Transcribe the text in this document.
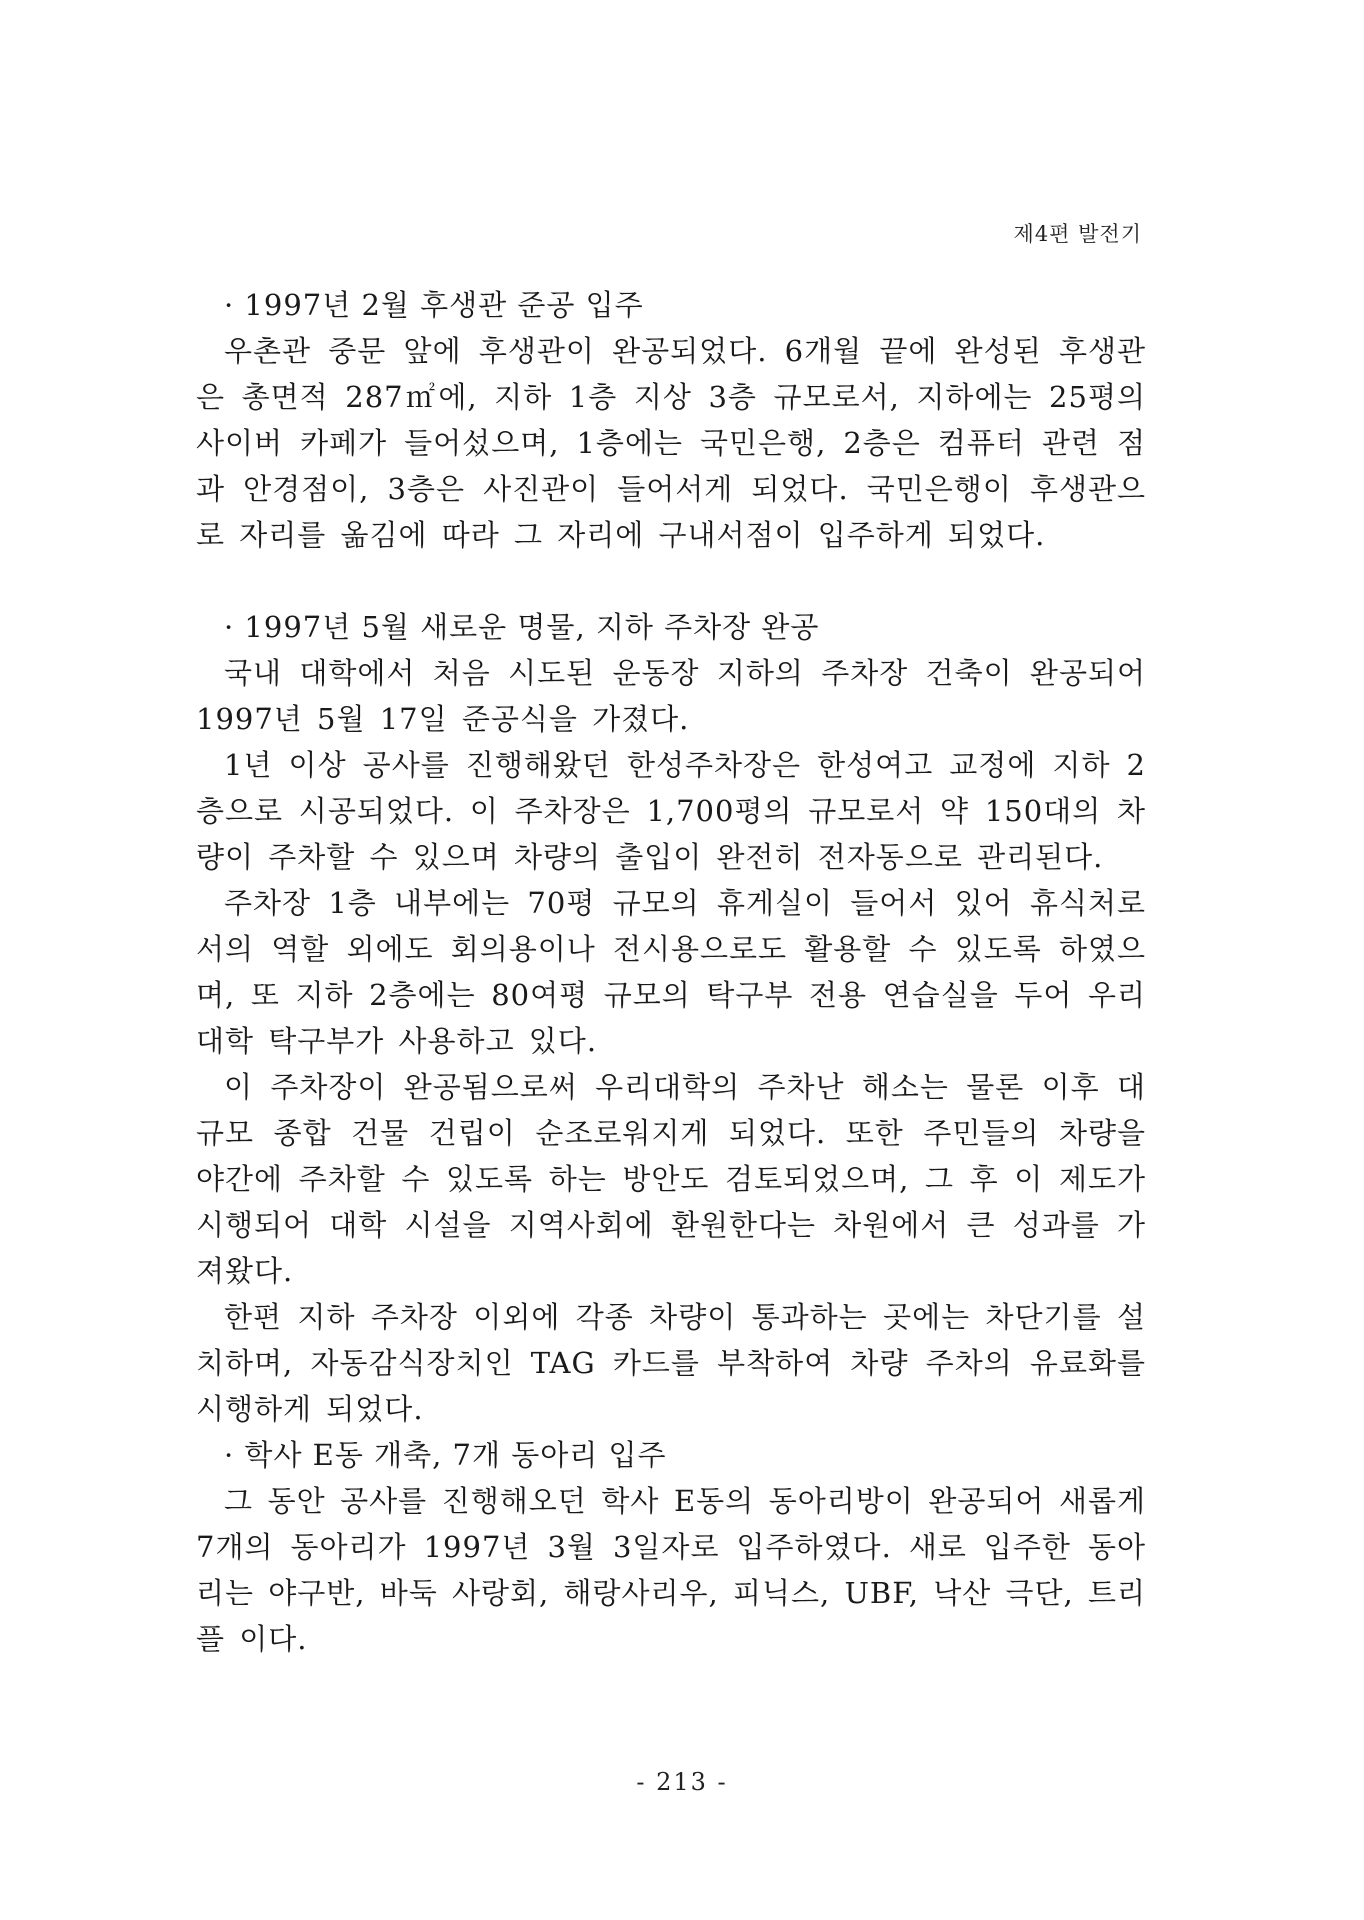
제4편 발전기

· 1997년 2월 후생관 준공 입주

우촌관 중문 앞에 후생관이 완공되었다. 6개월 끝에 완성된 후생관은 총면적 287㎡에, 지하 1층 지상 3층 규모로서, 지하에는 25평의 사이버 카페가 들어섰으며, 1층에는 국민은행, 2층은 컴퓨터 관련 점과 안경점이, 3층은 사진관이 들어서게 되었다. 국민은행이 후생관으로 자리를 옮김에 따라 그 자리에 구내서점이 입주하게 되었다.

· 1997년 5월 새로운 명물, 지하 주차장 완공

국내 대학에서 처음 시도된 운동장 지하의 주차장 건축이 완공되어 1997년 5월 17일 준공식을 가졌다.

1년 이상 공사를 진행해왔던 한성주차장은 한성여고 교정에 지하 2층으로 시공되었다. 이 주차장은 1,700평의 규모로서 약 150대의 차량이 주차할 수 있으며 차량의 출입이 완전히 전자동으로 관리된다.

주차장 1층 내부에는 70평 규모의 휴게실이 들어서 있어 휴식처로서의 역할 외에도 회의용이나 전시용으로도 활용할 수 있도록 하였으며, 또 지하 2층에는 80여평 규모의 탁구부 전용 연습실을 두어 우리대학 탁구부가 사용하고 있다.

이 주차장이 완공됨으로써 우리대학의 주차난 해소는 물론 이후 대규모 종합 건물 건립이 순조로워지게 되었다. 또한 주민들의 차량을 야간에 주차할 수 있도록 하는 방안도 검토되었으며, 그 후 이 제도가 시행되어 대학 시설을 지역사회에 환원한다는 차원에서 큰 성과를 가져왔다.

한편 지하 주차장 이외에 각종 차량이 통과하는 곳에는 차단기를 설치하며, 자동감식장치인 TAG 카드를 부착하여 차량 주차의 유료화를 시행하게 되었다.

· 학사 E동 개축, 7개 동아리 입주

그 동안 공사를 진행해오던 학사 E동의 동아리방이 완공되어 새롭게 7개의 동아리가 1997년 3월 3일자로 입주하였다. 새로 입주한 동아리는 야구반, 바둑 사랑회, 해랑사리우, 피닉스, UBF, 낙산 극단, 트리플 이다.

- 213 -
